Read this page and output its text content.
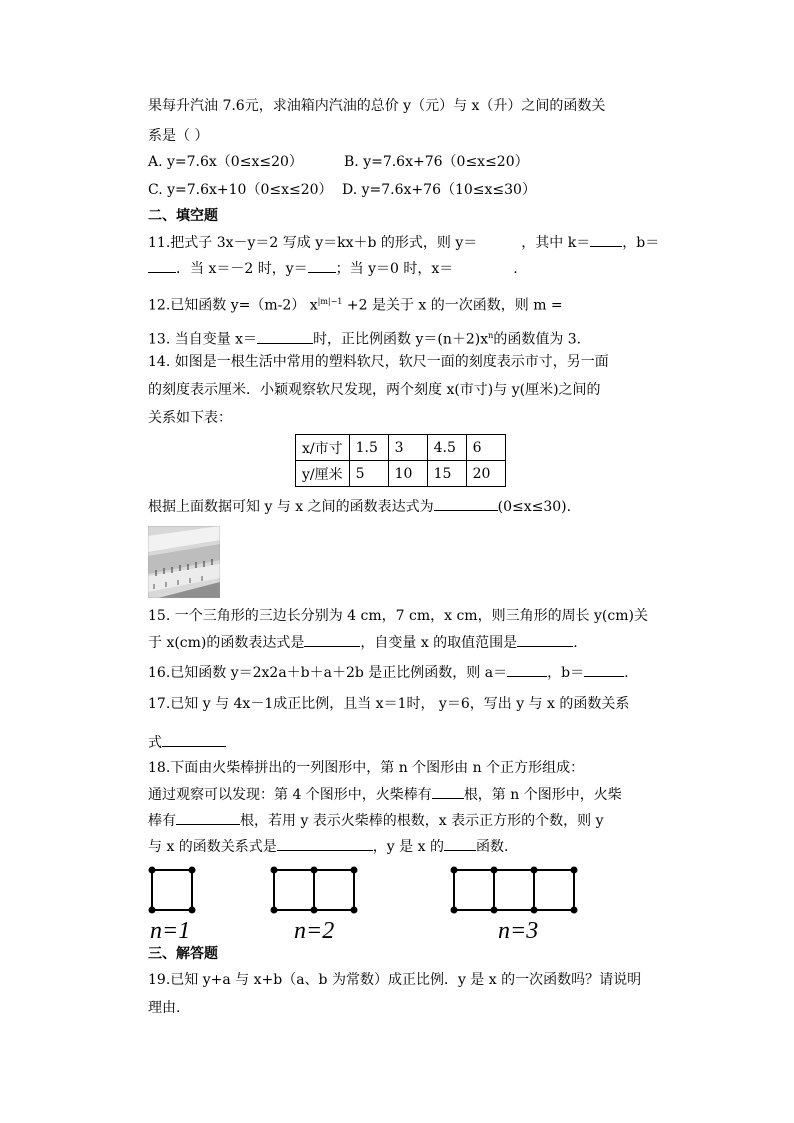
果每升汽油 7.6元，求油箱内汽油的总价 y（元）与 x（升）之间的函数关
系是（ ）
A. y=7.6x（0≤x≤20）	B. y=7.6x+76（0≤x≤20）
C. y=7.6x+10（0≤x≤20） D. y=7.6x+76（10≤x≤30）
二、填空题
11.把式子 3x－y＝2 写成 y＝kx＋b 的形式，则 y＝	，其中 k＝ ，b＝
．当 x＝－2 时，y＝ ；当 y＝0 时，x＝	.
12.已知函数 y=（m-2） $x^{|m|-1} +2$ 是关于 x 的一次函数，则 m =
13. 当自变量 x＝	时，正比例函数 $y=(n+2)x^n$的函数值为 3.
14. 如图是一根生活中常用的塑料软尺，软尺一面的刻度表示市寸，另一面
的刻度表示厘米．小颖观察软尺发现，两个刻度 x(市寸)与 y(厘米)之间的
关系如下表：
x/市寸	1.5	3	4.5	6
y/厘米	5	10	15	20
根据上面数据可知 y 与 x 之间的函数表达式为	(0≤x≤30).
15. 一个三角形的三边长分别为 4 cm，7 cm，x cm，则三角形的周长 y(cm)关
于 x(cm)的函数表达式是	，自变量 x 的取值范围是	.
16.已知函数 y＝2x2a＋b＋a＋2b 是正比例函数，则 a＝	，b＝	.
17.已知 y 与 4x－1成正比例，且当 x＝1时， y＝6，写出 y 与 x 的函数关系
式
18.下面由火柴棒拼出的一列图形中，第 n 个图形由 n 个正方形组成：
通过观察可以发现：第 4 个图形中，火柴棒有 根，第 n 个图形中，火柴
棒有	根，若用 y 表示火柴棒的根数，x 表示正方形的个数，则 y
与 x 的函数关系式是	，y 是 x 的 函数.
n=1	n=2	n=3
三、解答题
19.已知 y+a 与 x+b（a、b 为常数）成正比例．y 是 x 的一次函数吗？请说明
理由.
